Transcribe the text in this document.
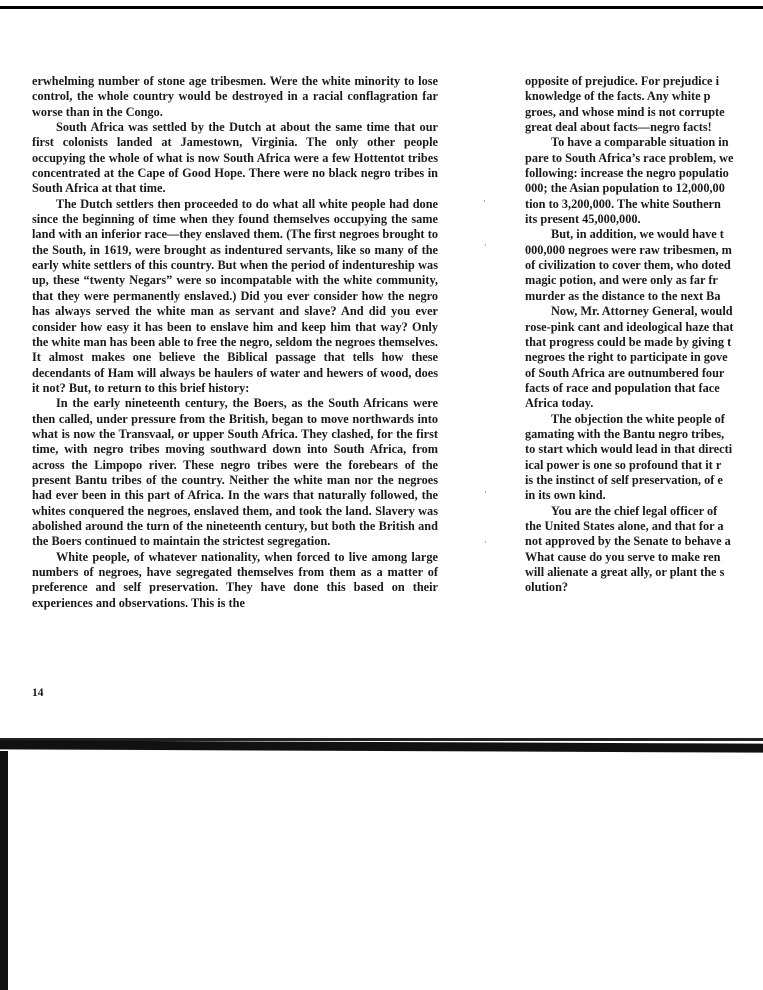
erwhelming number of stone age tribesmen. Were the white minority to lose control, the whole country would be destroyed in a racial conflagration far worse than in the Congo.

South Africa was settled by the Dutch at about the same time that our first colonists landed at Jamestown, Virginia. The only other people occupying the whole of what is now South Africa were a few Hottentot tribes concentrated at the Cape of Good Hope. There were no black negro tribes in South Africa at that time.

The Dutch settlers then proceeded to do what all white people had done since the beginning of time when they found themselves occupying the same land with an inferior race—they enslaved them. (The first negroes brought to the South, in 1619, were brought as indentured servants, like so many of the early white settlers of this country. But when the period of indentureship was up, these “twenty Negars” were so incompatable with the white community, that they were permanently enslaved.) Did you ever consider how the negro has always served the white man as servant and slave? And did you ever consider how easy it has been to enslave him and keep him that way? Only the white man has been able to free the negro, seldom the negroes themselves. It almost makes one believe the Biblical passage that tells how these decendants of Ham will always be haulers of water and hewers of wood, does it not? But, to return to this brief history:

In the early nineteenth century, the Boers, as the South Africans were then called, under pressure from the British, began to move northwards into what is now the Transvaal, or upper South Africa. They clashed, for the first time, with negro tribes moving southward down into South Africa, from across the Limpopo river. These negro tribes were the forebears of the present Bantu tribes of the country. Neither the white man nor the negroes had ever been in this part of Africa. In the wars that naturally followed, the whites conquered the negroes, enslaved them, and took the land. Slavery was abolished around the turn of the nineteenth century, but both the British and the Boers continued to maintain the strictest segregation.

White people, of whatever nationality, when forced to live among large numbers of negroes, have segregated themselves from them as a matter of preference and self preservation. They have done this based on their experiences and observations. This is the

opposite of prejudice. For prejudice i
knowledge of the facts. Any white p
groes, and whose mind is not corrupte
great deal about facts—negro facts!
To have a comparable situation in
pare to South Africa’s race problem, we
following: increase the negro populatio
000; the Asian population to 12,000,00
tion to 3,200,000. The white Southern
its present 45,000,000.
But, in addition, we would have t
000,000 negroes were raw tribesmen, m
of civilization to cover them, who doted
magic potion, and were only as far fr
murder as the distance to the next Ba
Now, Mr. Attorney General, would
rose-pink cant and ideological haze that
that progress could be made by giving t
negroes the right to participate in gove
of South Africa are outnumbered four
facts of race and population that face
Africa today.
The objection the white people of
gamating with the Bantu negro tribes,
to start which would lead in that directi
ical power is one so profound that it r
is the instinct of self preservation, of e
in its own kind.
You are the chief legal officer of
the United States alone, and that for a
not approved by the Senate to behave a
What cause do you serve to make ren
will alienate a great ally, or plant the s
olution?
14
·
·
·
·
